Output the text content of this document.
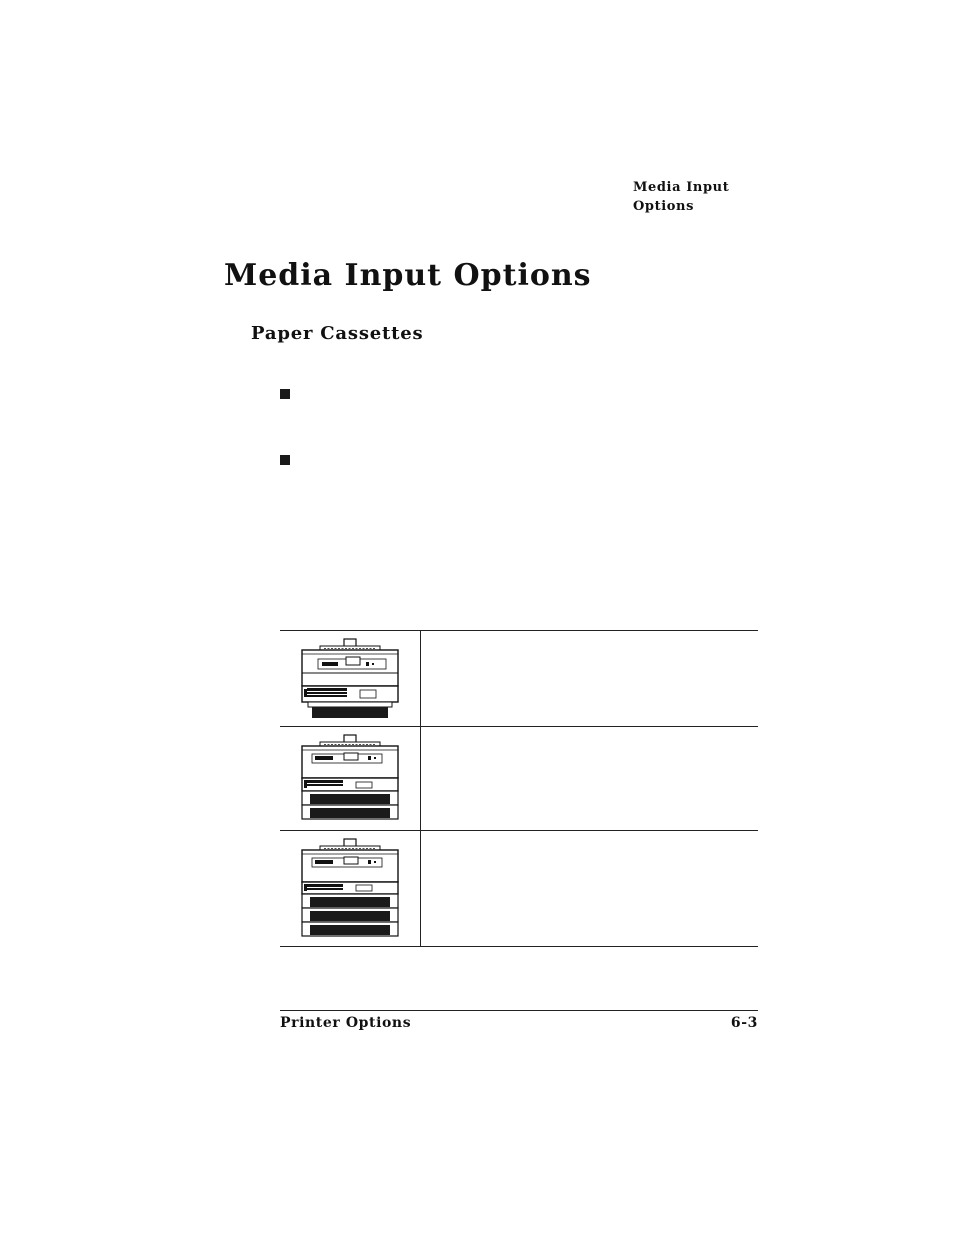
Media Input
Options
Media Input Options
Paper Cassettes
Printer Options	6-3
